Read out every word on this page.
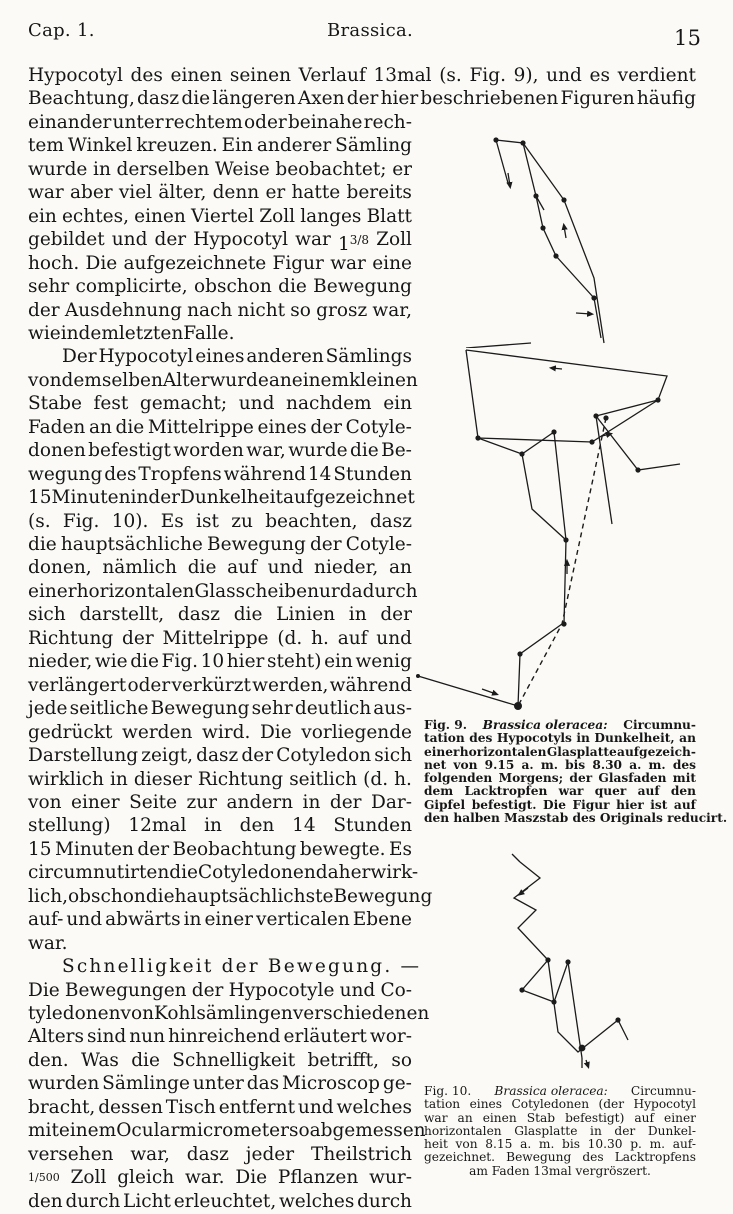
Cap. 1.	Brassica.	15
Hypocotyl des einen seinen Verlauf 13mal (s. Fig. 9), und es verdient
Beachtung, dasz die längeren Axen der hier beschriebenen Figuren häufig
einander unter rechtem oder beinahe rech-
tem Winkel kreuzen. Ein anderer Sämling
wurde in derselben Weise beobachtet; er
war aber viel älter, denn er hatte bereits
ein echtes, einen Viertel Zoll langes Blatt
gebildet und der Hypocotyl war 13/8 Zoll
hoch. Die aufgezeichnete Figur war eine
sehr complicirte, obschon die Bewegung
der Ausdehnung nach nicht so grosz war,
wie in dem letzten Falle.
Der Hypocotyl eines anderen Sämlings
von demselben Alter wurde an einem kleinen
Stabe fest gemacht; und nachdem ein
Faden an die Mittelrippe eines der Cotyle-
donen befestigt worden war, wurde die Be-
wegung des Tropfens während 14 Stunden
15 Minuten in der Dunkelheit aufgezeichnet
(s. Fig. 10). Es ist zu beachten, dasz
die hauptsächliche Bewegung der Cotyle-
donen, nämlich die auf und nieder, an
einer horizontalen Glasscheibe nur dadurch
sich darstellt, dasz die Linien in der
Richtung der Mittelrippe (d. h. auf und
nieder, wie die Fig. 10 hier steht) ein wenig
verlängert oder verkürzt werden, während
jede seitliche Bewegung sehr deutlich aus-
gedrückt werden wird. Die vorliegende
Darstellung zeigt, dasz der Cotyledon sich
wirklich in dieser Richtung seitlich (d. h.
von einer Seite zur andern in der Dar-
stellung) 12mal in den 14 Stunden
15 Minuten der Beobachtung bewegte. Es
circumnutirten die Cotyledonen daher wirk-
lich, obschon die hauptsächlichste Bewegung
auf- und abwärts in einer verticalen Ebene
war.
Schnelligkeit der Bewegung. —
Die Bewegungen der Hypocotyle und Co-
tyledonen von Kohlsämlingen verschiedenen
Alters sind nun hinreichend erläutert wor-
den. Was die Schnelligkeit betrifft, so
wurden Sämlinge unter das Microscop ge-
bracht, dessen Tisch entfernt und welches
mit einem Ocularmicrometer so abgemessen
versehen war, dasz jeder Theilstrich
1/500 Zoll gleich war. Die Pflanzen wur-
den durch Licht erleuchtet, welches durch
Fig. 9. Brassica oleracea: Circumnu-
tation des Hypocotyls in Dunkelheit, an
einer horizontalen Glasplatte aufgezeich-
net von 9.15 a. m. bis 8.30 a. m. des
folgenden Morgens; der Glasfaden mit
dem Lacktropfen war quer auf den
Gipfel befestigt. Die Figur hier ist auf
den halben Maszstab des Originals reducirt.
Fig. 10. Brassica oleracea: Circumnu-
tation eines Cotyledonen (der Hypocotyl
war an einen Stab befestigt) auf einer
horizontalen Glasplatte in der Dunkel-
heit von 8.15 a. m. bis 10.30 p. m. auf-
gezeichnet. Bewegung des Lacktropfens
am Faden 13mal vergröszert.
